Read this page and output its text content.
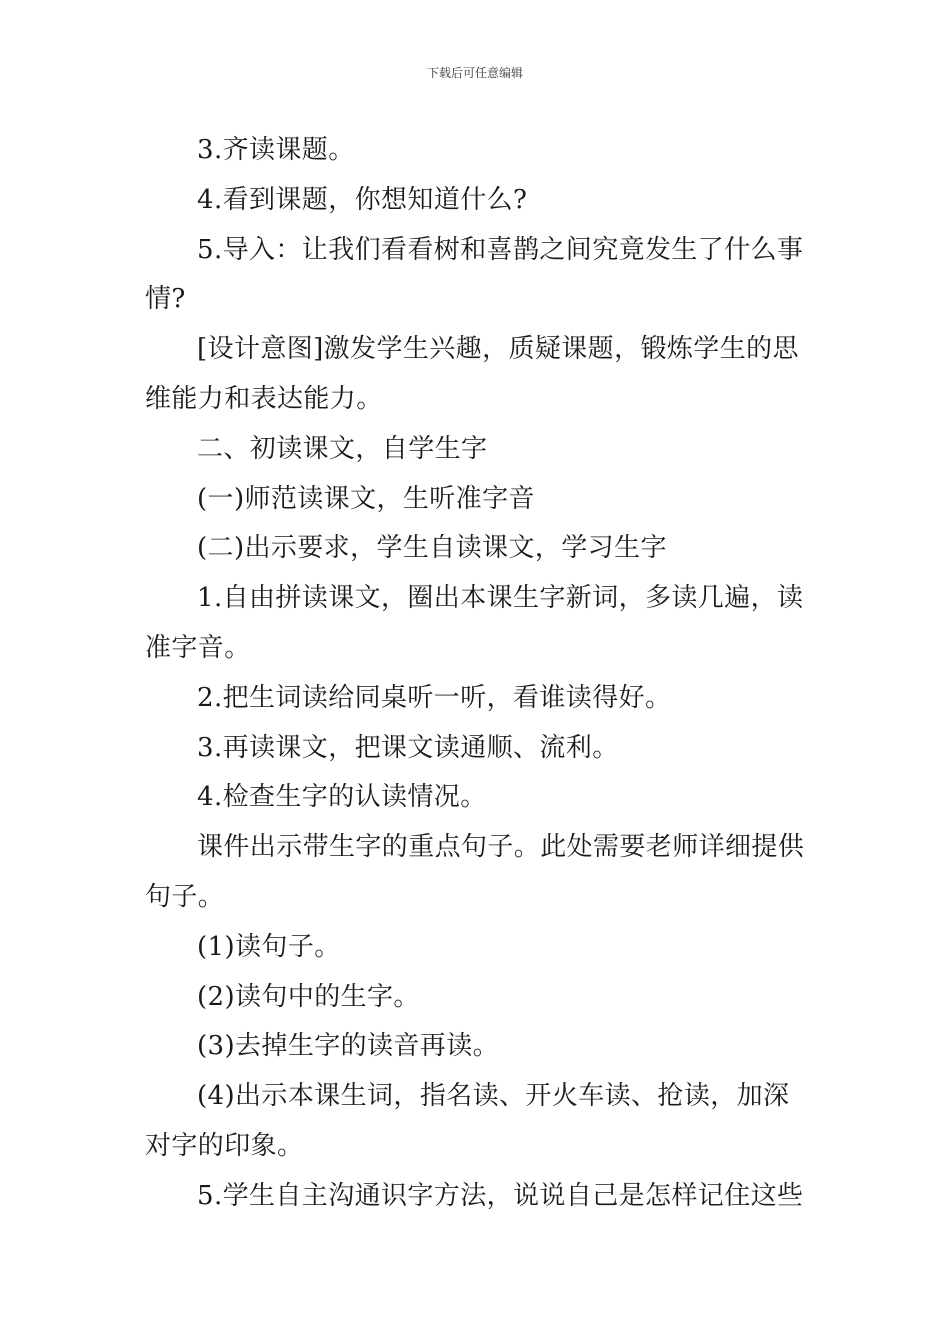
下载后可任意编辑

3.齐读课题。

4.看到课题，你想知道什么?

5.导入：让我们看看树和喜鹊之间究竟发生了什么事情?

[设计意图]激发学生兴趣，质疑课题，锻炼学生的思维能力和表达能力。

二、初读课文，自学生字

(一)师范读课文，生听准字音

(二)出示要求，学生自读课文，学习生字

1.自由拼读课文，圈出本课生字新词，多读几遍，读准字音。

2.把生词读给同桌听一听，看谁读得好。

3.再读课文，把课文读通顺、流利。

4.检查生字的认读情况。

课件出示带生字的重点句子。此处需要老师详细提供句子。

(1)读句子。

(2)读句中的生字。

(3)去掉生字的读音再读。

(4)出示本课生词，指名读、开火车读、抢读，加深对字的印象。

5.学生自主沟通识字方法，说说自己是怎样记住这些
